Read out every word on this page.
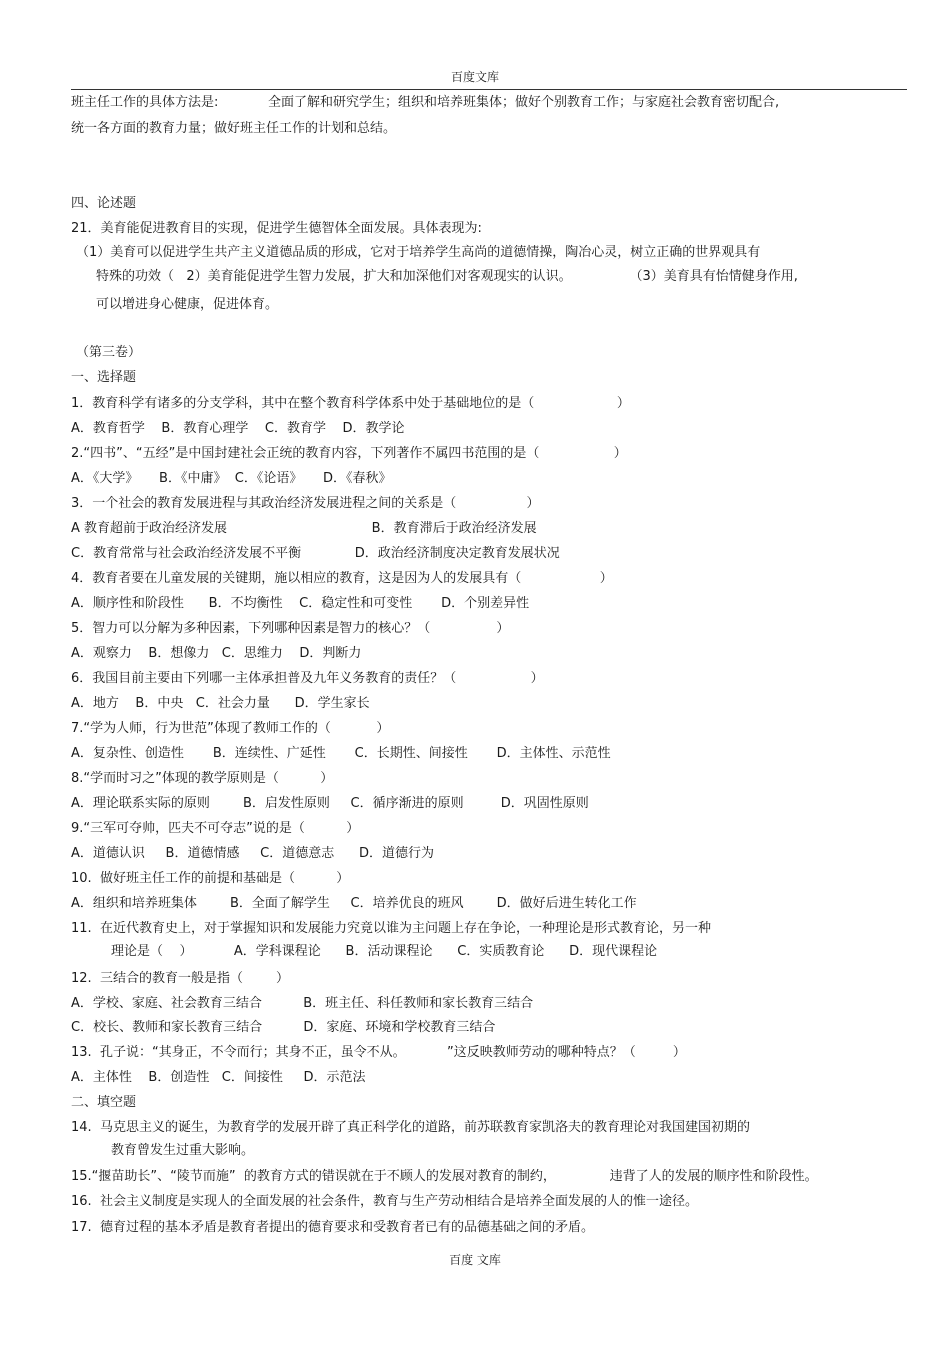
百度文库
班主任工作的具体方法是:            全面了解和研究学生；组织和培养班集体；做好个别教育工作；与家庭社会教育密切配合,
统一各方面的教育力量；做好班主任工作的计划和总结。
四、论述题
21．美育能促进教育目的实现，促进学生德智体全面发展。具体表现为:
（1）美育可以促进学生共产主义道德品质的形成，它对于培养学生高尚的道德情操，陶冶心灵，树立正确的世界观具有
特殊的功效（   2）美育能促进学生智力发展，扩大和加深他们对客观现实的认识。              （3）美育具有怡情健身作用,
可以增进身心健康，促进体育。
（第三卷）
一、选择题
1．教育科学有诸多的分支学科，其中在整个教育科学体系中处于基础地位的是（                    ）
A．教育哲学    B．教育心理学    C．教育学    D．教学论
2.“四书”、“五经”是中国封建社会正统的教育内容，下列著作不属四书范围的是（                  ）
A．《大学》     B．《中庸》  C．《论语》     D．《春秋》
3．一个社会的教育发展进程与其政治经济发展进程之间的关系是（                 ）
A 教育超前于政治经济发展                                   B．教育滞后于政治经济发展
C．教育常常与社会政治经济发展不平衡             D．政治经济制度决定教育发展状况
4．教育者要在儿童发展的关键期，施以相应的教育，这是因为人的发展具有（                   ）
A．顺序性和阶段性      B．不均衡性    C．稳定性和可变性       D．个别差异性
5．智力可以分解为多种因素，下列哪种因素是智力的核心？（                ）
A．观察力    B．想像力   C．思维力    D．判断力
6．我国目前主要由下列哪一主体承担普及九年义务教育的责任？（                  ）
A．地方    B．中央   C．社会力量      D．学生家长
7.“学为人师，行为世范”体现了教师工作的（           ）
A．复杂性、创造性       B．连续性、广延性       C．长期性、间接性       D．主体性、示范性
8.“学而时习之”体现的教学原则是（          ）
A．理论联系实际的原则        B．启发性原则     C．循序渐进的原则         D．巩固性原则
9.“三军可夺帅，匹夫不可夺志”说的是（          ）
A．道德认识     B．道德情感     C．道德意志      D．道德行为
10.  做好班主任工作的前提和基础是（          ）
A．组织和培养班集体        B．全面了解学生     C．培养优良的班风        D．做好后进生转化工作
11.  在近代教育史上，对于掌握知识和发展能力究竟以谁为主问题上存在争论，一种理论是形式教育论，另一种
理论是（    ）          A．学科课程论      B．活动课程论      C．实质教育论      D．现代课程论
12.  三结合的教育一般是指（        ）
A．学校、家庭、社会教育三结合          B．班主任、科任教师和家长教育三结合
C．校长、教师和家长教育三结合          D．家庭、环境和学校教育三结合
13.  孔子说：“其身正，不令而行；其身不正，虽令不从。          ”这反映教师劳动的哪种特点？（         ）
A．主体性    B．创造性   C．间接性     D．示范法
二、填空题
14.  马克思主义的诞生，为教育学的发展开辟了真正科学化的道路，前苏联教育家凯洛夫的教育理论对我国建国初期的
教育曾发生过重大影响。
15.“揠苗助长”、“陵节而施”  的教育方式的错误就在于不顾人的发展对教育的制约，             违背了人的发展的顺序性和阶段性。
16.  社会主义制度是实现人的全面发展的社会条件，教育与生产劳动相结合是培养全面发展的人的惟一途径。
17.  德育过程的基本矛盾是教育者提出的德育要求和受教育者已有的品德基础之间的矛盾。
百度 文库
